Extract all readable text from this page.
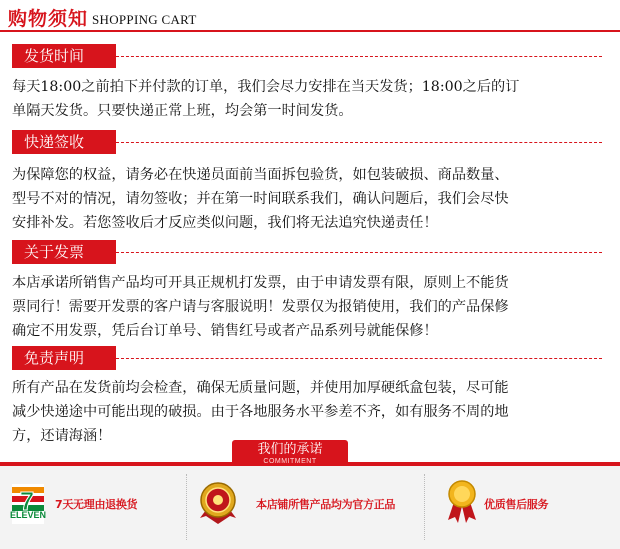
购物须知 SHOPPING CART
发货时间
每天18:00之前拍下并付款的订单，我们会尽力安排在当天发货；18:00之后的订
单隔天发货。只要快递正常上班，均会第一时间发货。
快递签收
为保障您的权益，请务必在快递员面前当面拆包验货，如包装破损、商品数量、
型号不对的情况，请勿签收；并在第一时间联系我们，确认问题后，我们会尽快
安排补发。若您签收后才反应类似问题，我们将无法追究快递责任！
关于发票
本店承诺所销售产品均可开具正规机打发票，由于申请发票有限，原则上不能货
票同行！需要开发票的客户请与客服说明！发票仅为报销使用，我们的产品保修
确定不用发票，凭后台订单号、销售红号或者产品系列号就能保修！
免责声明
所有产品在发货前均会检查，确保无质量问题，并使用加厚硬纸盒包装，尽可能
减少快递途中可能出现的破损。由于各地服务水平参差不齐，如有服务不周的地
方，还请海涵！
我们的承诺
COMMITMENT
ELEVEN
7 7天无理由退换货	本店铺所售产品均为官方正品	优质售后服务
